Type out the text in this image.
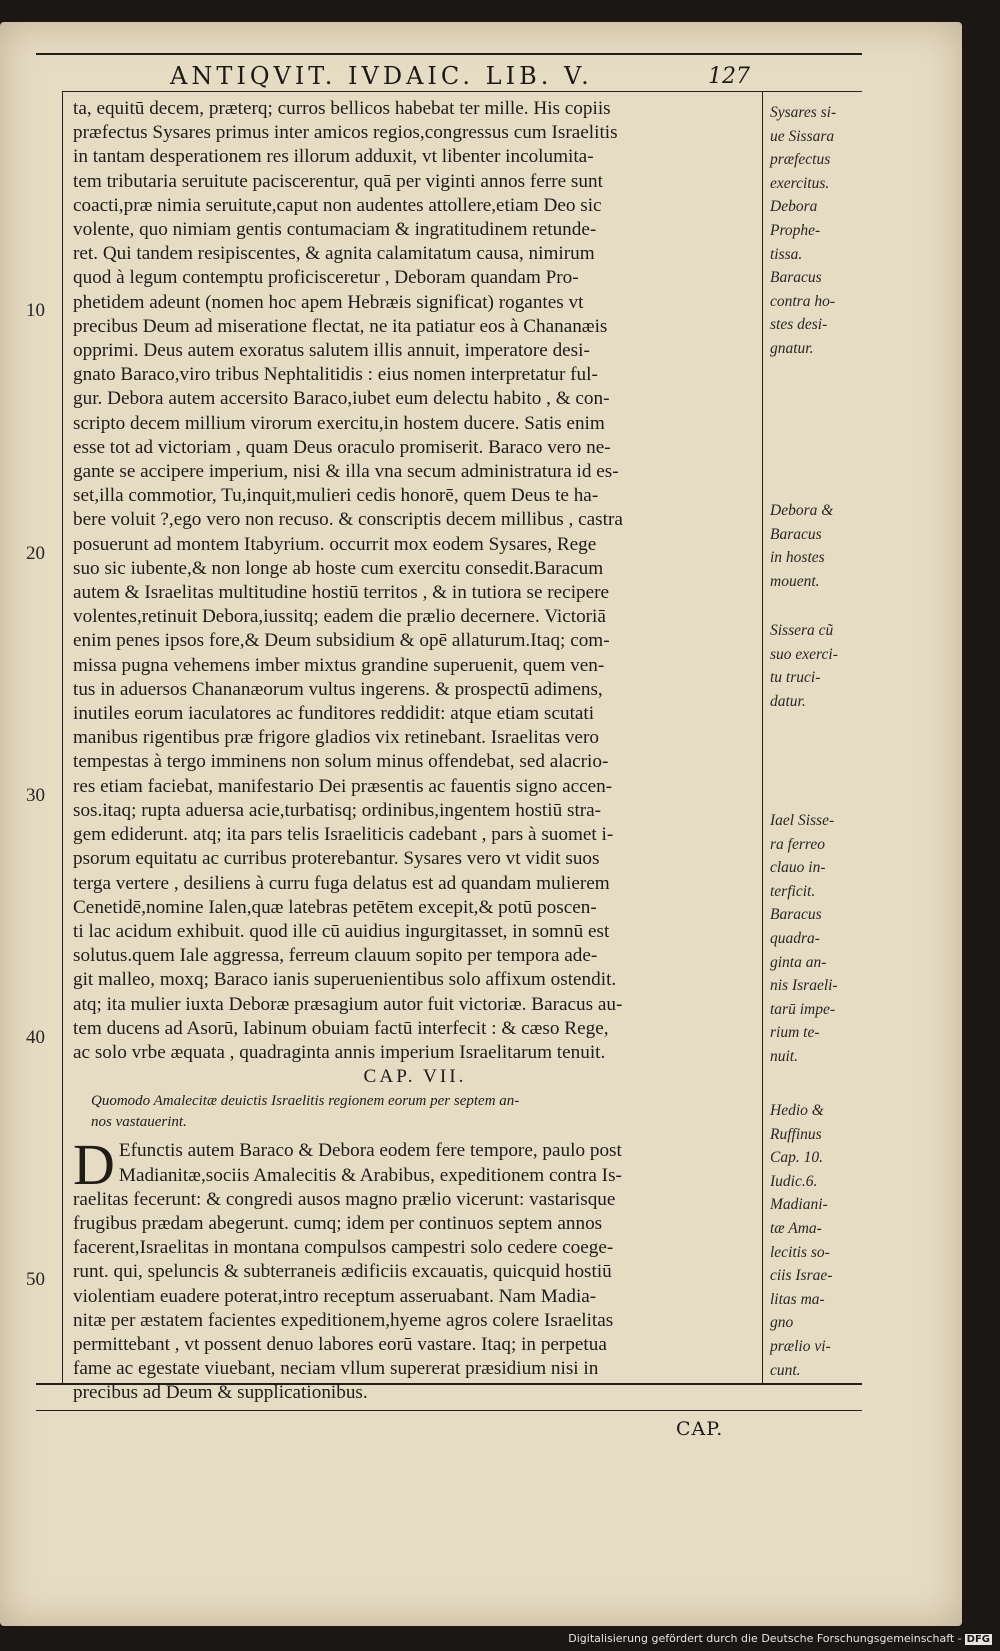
ANTIQVIT. IVDAIC. LIB. V.	127

ta, equitū decem, præterq; curros bellicos habebat ter mille. His copiis

præfectus Sysares primus inter amicos regios,congressus cum Israelitis

in tantam desperationem res illorum adduxit, vt libenter incolumita-

tem tributaria seruitute paciscerentur, quā per viginti annos ferre sunt

coacti,præ nimia seruitute,caput non audentes attollere,etiam Deo sic

volente, quo nimiam gentis contumaciam & ingratitudinem retunde-

ret. Qui tandem resipiscentes, & agnita calamitatum causa, nimirum

quod à legum contemptu proficisceretur , Deboram quandam Pro-

phetidem adeunt (nomen hoc apem Hebræis significat) rogantes vt

precibus Deum ad miseratione flectat, ne ita patiatur eos à Chananæis

opprimi. Deus autem exoratus salutem illis annuit, imperatore desi-

gnato Baraco,viro tribus Nephtalitidis : eius nomen interpretatur ful-

gur. Debora autem accersito Baraco,iubet eum delectu habito , & con-

scripto decem millium virorum exercitu,in hostem ducere. Satis enim

esse tot ad victoriam , quam Deus oraculo promiserit. Baraco vero ne-

gante se accipere imperium, nisi & illa vna secum administratura id es-

set,illa commotior, Tu,inquit,mulieri cedis honorē, quem Deus te ha-

bere voluit ?,ego vero non recuso. & conscriptis decem millibus , castra

posuerunt ad montem Itabyrium. occurrit mox eodem Sysares, Rege

suo sic iubente,& non longe ab hoste cum exercitu consedit.Baracum

autem & Israelitas multitudine hostiū territos , & in tutiora se recipere

volentes,retinuit Debora,iussitq; eadem die prælio decernere. Victoriā

enim penes ipsos fore,& Deum subsidium & opē allaturum.Itaq; com-

missa pugna vehemens imber mixtus grandine superuenit, quem ven-

tus in aduersos Chananæorum vultus ingerens. & prospectū adimens,

inutiles eorum iaculatores ac funditores reddidit: atque etiam scutati

manibus rigentibus præ frigore gladios vix retinebant. Israelitas vero

tempestas à tergo imminens non solum minus offendebat, sed alacrio-

res etiam faciebat, manifestario Dei præsentis ac fauentis signo accen-

sos.itaq; rupta aduersa acie,turbatisq; ordinibus,ingentem hostiū stra-

gem ediderunt. atq; ita pars telis Israeliticis cadebant , pars à suomet i-

psorum equitatu ac curribus proterebantur. Sysares vero vt vidit suos

terga vertere , desiliens à curru fuga delatus est ad quandam mulierem

Cenetidē,nomine Ialen,quæ latebras petētem excepit,& potū poscen-

ti lac acidum exhibuit. quod ille cū auidius ingurgitasset, in somnū est

solutus.quem Iale aggressa, ferreum clauum sopito per tempora ade-

git malleo, moxq; Baraco ianis superuenientibus solo affixum ostendit.

atq; ita mulier iuxta Deboræ præsagium autor fuit victoriæ. Baracus au-

tem ducens ad Asorū, Iabinum obuiam factū interfecit : & cæso Rege,

ac solo vrbe æquata , quadraginta annis imperium Israelitarum tenuit.

CAP. VII.

Quomodo Amalecitæ deuictis Israelitis regionem eorum per septem an-

nos vastauerint.

D Efunctis autem Baraco & Debora eodem fere tempore, paulo post

Madianitæ,sociis Amalecitis & Arabibus, expeditionem contra Is-

raelitas fecerunt: & congredi ausos magno prælio vicerunt: vastarisque

frugibus prædam abegerunt. cumq; idem per continuos septem annos

facerent,Israelitas in montana compulsos campestri solo cedere coege-

runt. qui, speluncis & subterraneis ædificiis excauatis, quicquid hostiū

violentiam euadere poterat,intro receptum asseruabant. Nam Madia-

nitæ per æstatem facientes expeditionem,hyeme agros colere Israelitas

permittebant , vt possent denuo labores eorū vastare. Itaq; in perpetua

fame ac egestate viuebant, neciam vllum supererat præsidium nisi in

precibus ad Deum & supplicationibus.

Sysares si-
ue Sissara
præfectus
exercitus.
Debora
Prophe-
tissa.
Baracus
contra ho-
stes desi-
gnatur.
Debora &
Baracus
in hostes
mouent.
Sissera cũ
suo exerci-
tu truci-
datur.
Iael Sisse-
ra ferreo
clauo in-
terficit.
Baracus
quadra-
ginta an-
nis Israeli-
tarū impe-
rium te-
nuit.
Hedio &
Ruffinus
Cap. 10.
Iudic.6.
Madiani-
tæ Ama-
lecitis so-
ciis Israe-
litas ma-
gno
prælio vi-
cunt.
10
20
30
40
50
CAP.
Digitalisierung gefördert durch die Deutsche Forschungsgemeinschaft - DFG
